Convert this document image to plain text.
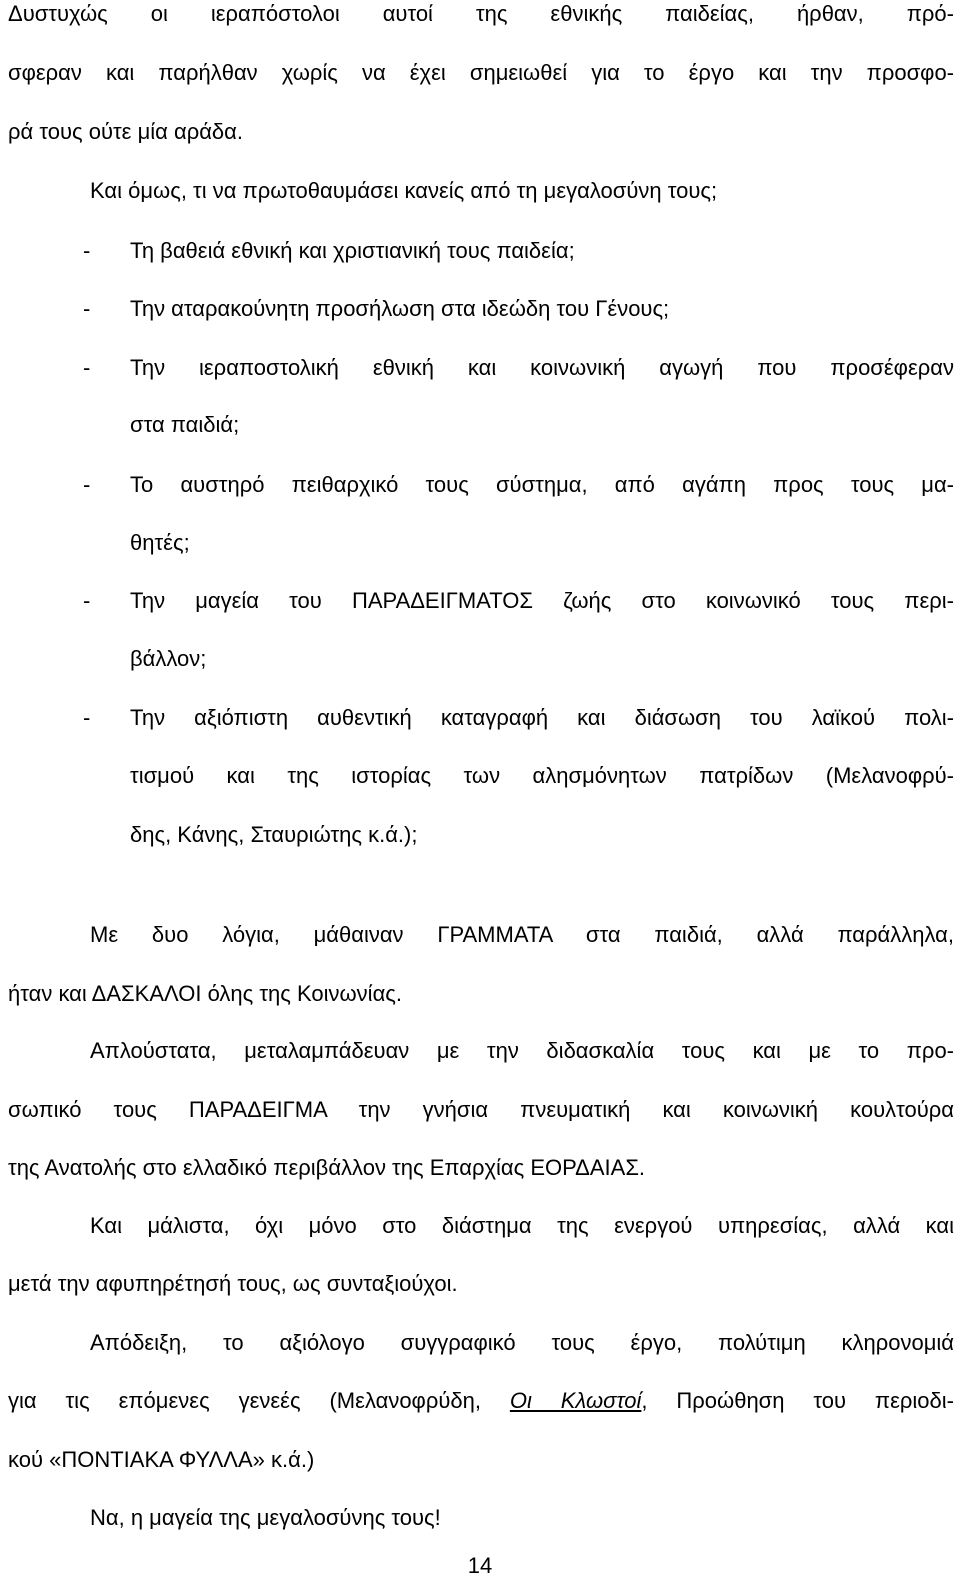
Δυστυχώς οι ιεραπόστολοι αυτοί της εθνικής παιδείας, ήρθαν, πρό-
σφεραν και παρήλθαν χωρίς να έχει σημειωθεί για το έργο και την προσφο-
ρά τους ούτε μία αράδα.
Και όμως, τι να πρωτοθαυμάσει κανείς από τη μεγαλοσύνη τους;
- Τη βαθειά εθνική και χριστιανική τους παιδεία;
- Την αταρακούνητη προσήλωση στα ιδεώδη του Γένους;
- Την ιεραποστολική εθνική και κοινωνική αγωγή που προσέφεραν
στα παιδιά;
- Το αυστηρό πειθαρχικό τους σύστημα, από αγάπη προς τους μα-
θητές;
- Την μαγεία του ΠΑΡΑΔΕΙΓΜΑΤΟΣ ζωής στο κοινωνικό τους περι-
βάλλον;
- Την αξιόπιστη αυθεντική καταγραφή και διάσωση του λαϊκού πολι-
τισμού και της ιστορίας των αλησμόνητων πατρίδων (Μελανοφρύ-
δης, Κάνης, Σταυριώτης κ.ά.);
Με δυο λόγια, μάθαιναν ΓΡΑΜΜΑΤΑ στα παιδιά, αλλά παράλληλα,
ήταν και ΔΑΣΚΑΛΟΙ όλης της Κοινωνίας.
Απλούστατα, μεταλαμπάδευαν με την διδασκαλία τους και με το προ-
σωπικό τους ΠΑΡΑΔΕΙΓΜΑ την γνήσια πνευματική και κοινωνική κουλτούρα
της Ανατολής στο ελλαδικό περιβάλλον της Επαρχίας ΕΟΡΔΑΙΑΣ.
Και μάλιστα, όχι μόνο στο διάστημα της ενεργού υπηρεσίας, αλλά και
μετά την αφυπηρέτησή τους, ως συνταξιούχοι.
Απόδειξη, το αξιόλογο συγγραφικό τους έργο, πολύτιμη κληρονομιά
για τις επόμενες γενεές (Μελανοφρύδη, Οι Κλωστοί, Προώθηση του περιοδι-
κού «ΠΟΝΤΙΑΚΑ ΦΥΛΛΑ» κ.ά.)
Να, η μαγεία της μεγαλοσύνης τους!
14
